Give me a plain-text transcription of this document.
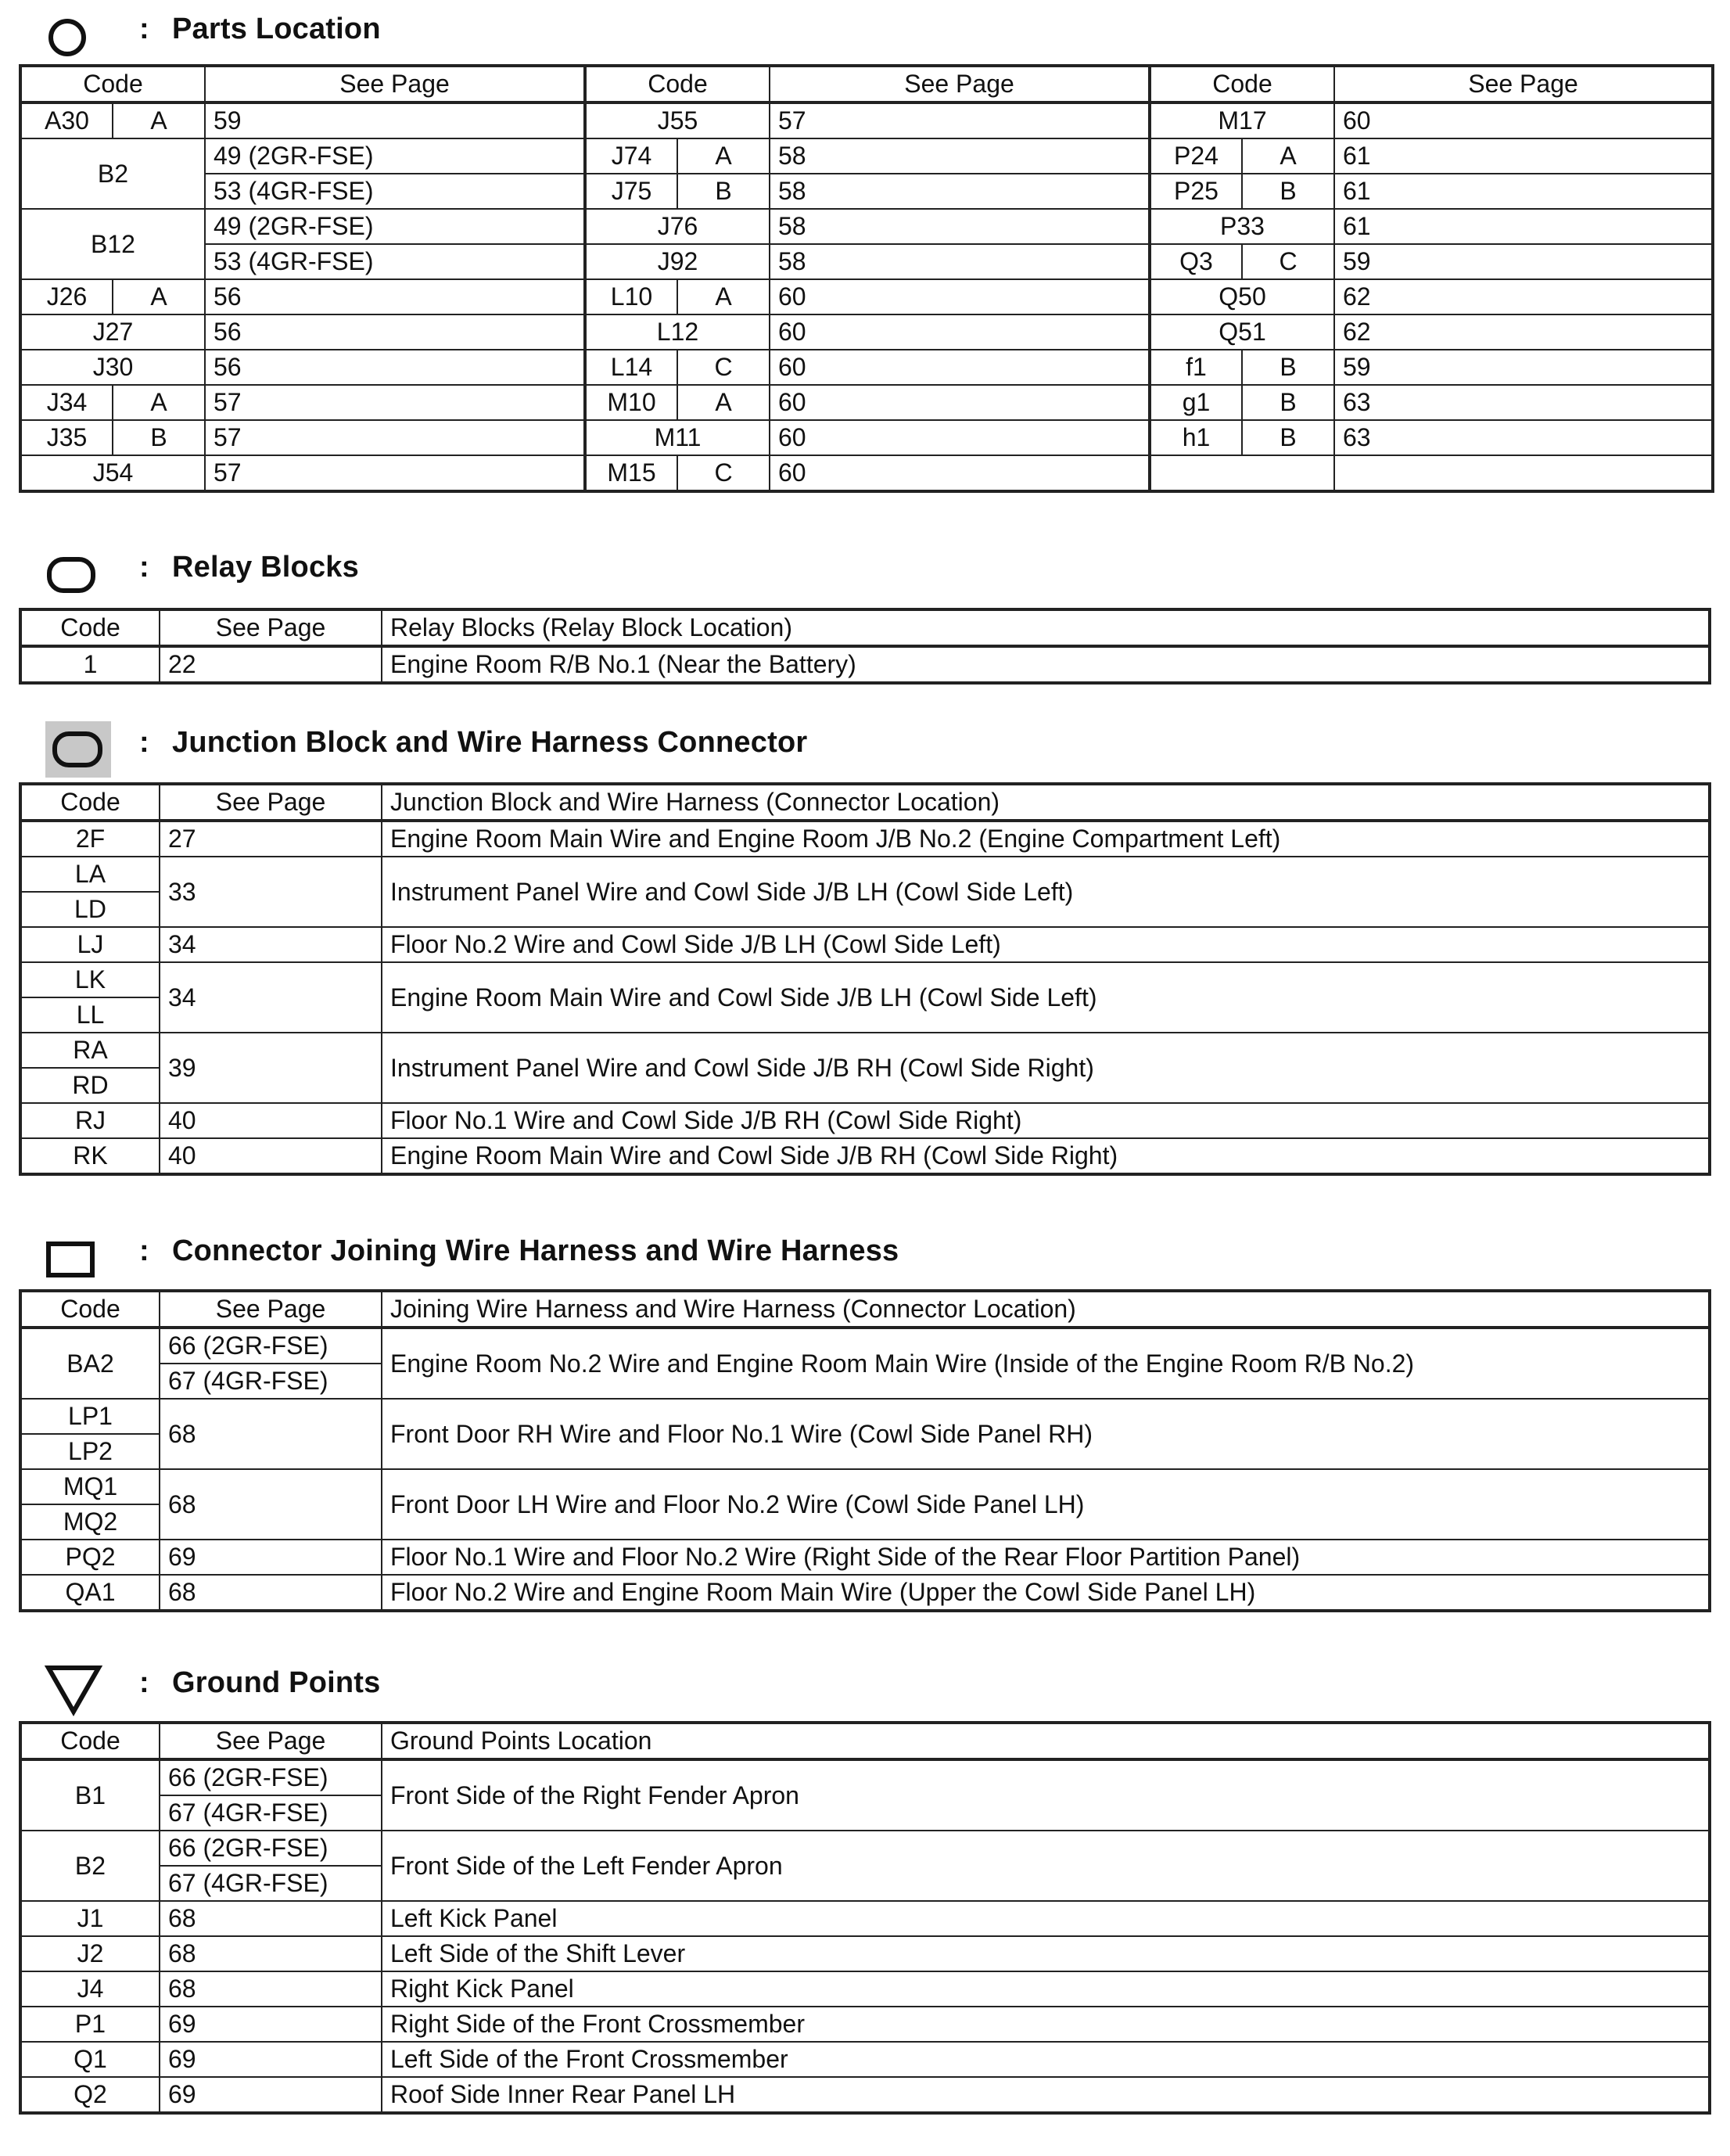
: Parts Location
Code		See Page	Code		See Page	Code		See Page
A30	A	59	J55		57	M17		60
B2		49 (2GR-FSE)	J74	A	58	P24	A	61
		53 (4GR-FSE)	J75	B	58	P25	B	61
B12		49 (2GR-FSE)	J76		58	P33		61
		53 (4GR-FSE)	J92		58	Q3	C	59
J26	A	56	L10	A	60	Q50		62
J27		56	L12		60	Q51		62
J30		56	L14	C	60	f1	B	59
J34	A	57	M10	A	60	g1	B	63
J35	B	57	M11		60	h1	B	63
J54		57	M15	C	60			
: Relay Blocks
Code	See Page	Relay Blocks (Relay Block Location)
1	22	Engine Room R/B No.1 (Near the Battery)
: Junction Block and Wire Harness Connector
Code	See Page	Junction Block and Wire Harness (Connector Location)
2F	27	Engine Room Main Wire and Engine Room J/B No.2 (Engine Compartment Left)
LA	33	Instrument Panel Wire and Cowl Side J/B LH (Cowl Side Left)
LD		
LJ	34	Floor No.2 Wire and Cowl Side J/B LH (Cowl Side Left)
LK	34	Engine Room Main Wire and Cowl Side J/B LH (Cowl Side Left)
LL		
RA	39	Instrument Panel Wire and Cowl Side J/B RH (Cowl Side Right)
RD		
RJ	40	Floor No.1 Wire and Cowl Side J/B RH (Cowl Side Right)
RK	40	Engine Room Main Wire and Cowl Side J/B RH (Cowl Side Right)
: Connector Joining Wire Harness and Wire Harness
Code	See Page	Joining Wire Harness and Wire Harness (Connector Location)
BA2	66 (2GR-FSE)	Engine Room No.2 Wire and Engine Room Main Wire (Inside of the Engine Room R/B No.2)
	67 (4GR-FSE)	
LP1	68	Front Door RH Wire and Floor No.1 Wire (Cowl Side Panel RH)
LP2		
MQ1	68	Front Door LH Wire and Floor No.2 Wire (Cowl Side Panel LH)
MQ2		
PQ2	69	Floor No.1 Wire and Floor No.2 Wire (Right Side of the Rear Floor Partition Panel)
QA1	68	Floor No.2 Wire and Engine Room Main Wire (Upper the Cowl Side Panel LH)
: Ground Points
Code	See Page	Ground Points Location
B1	66 (2GR-FSE)	Front Side of the Right Fender Apron
	67 (4GR-FSE)	
B2	66 (2GR-FSE)	Front Side of the Left Fender Apron
	67 (4GR-FSE)	
J1	68	Left Kick Panel
J2	68	Left Side of the Shift Lever
J4	68	Right Kick Panel
P1	69	Right Side of the Front Crossmember
Q1	69	Left Side of the Front Crossmember
Q2	69	Roof Side Inner Rear Panel LH
